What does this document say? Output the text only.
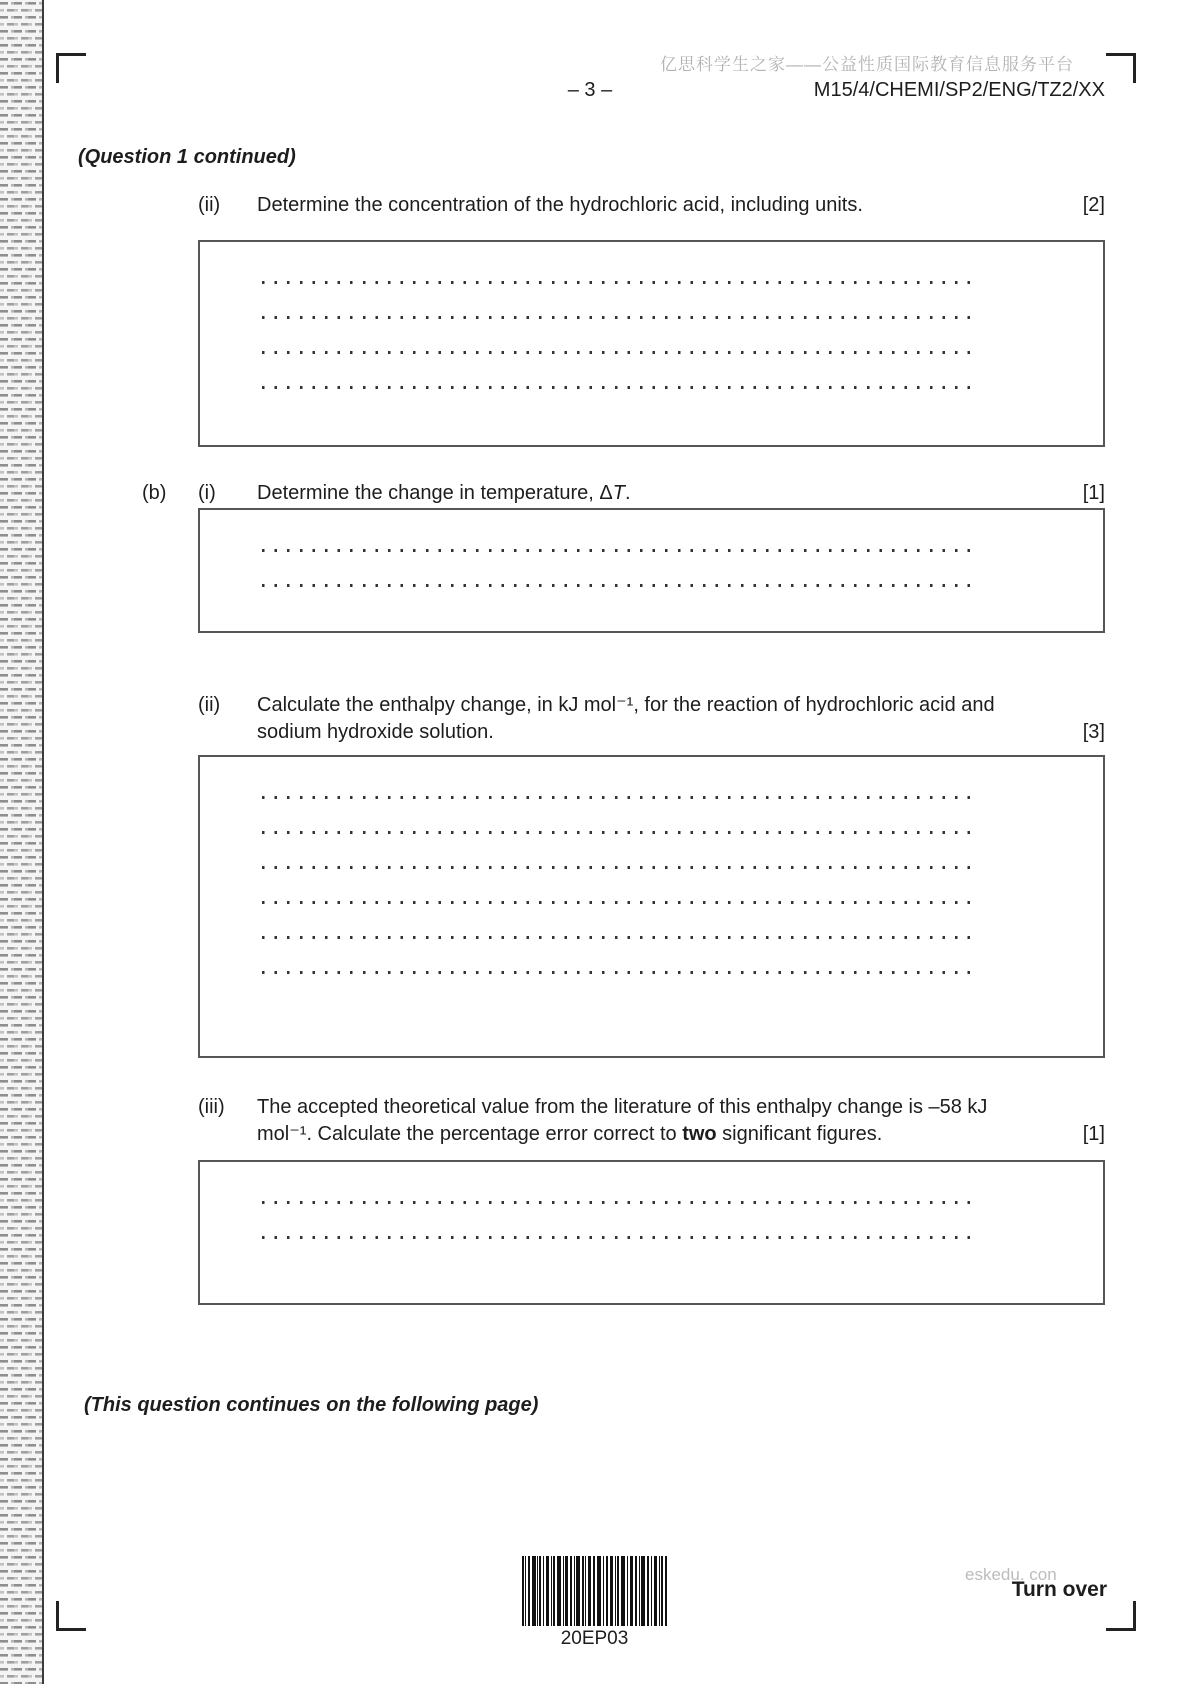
亿思科学生之家——公益性质国际教育信息服务平台
– 3 –	M15/4/CHEMI/SP2/ENG/TZ2/XX
(Question 1 continued)
(ii) Determine the concentration of the hydrochloric acid, including units.	[2]
(b) (i) Determine the change in temperature, ΔT.	[1]
(ii) Calculate the enthalpy change, in kJ mol⁻¹, for the reaction of hydrochloric acid and sodium hydroxide solution.	[3]
(iii) The accepted theoretical value from the literature of this enthalpy change is –58 kJ mol⁻¹. Calculate the percentage error correct to two significant figures.	[1]
(This question continues on the following page)
20EP03
eskedu. con
Turn over
